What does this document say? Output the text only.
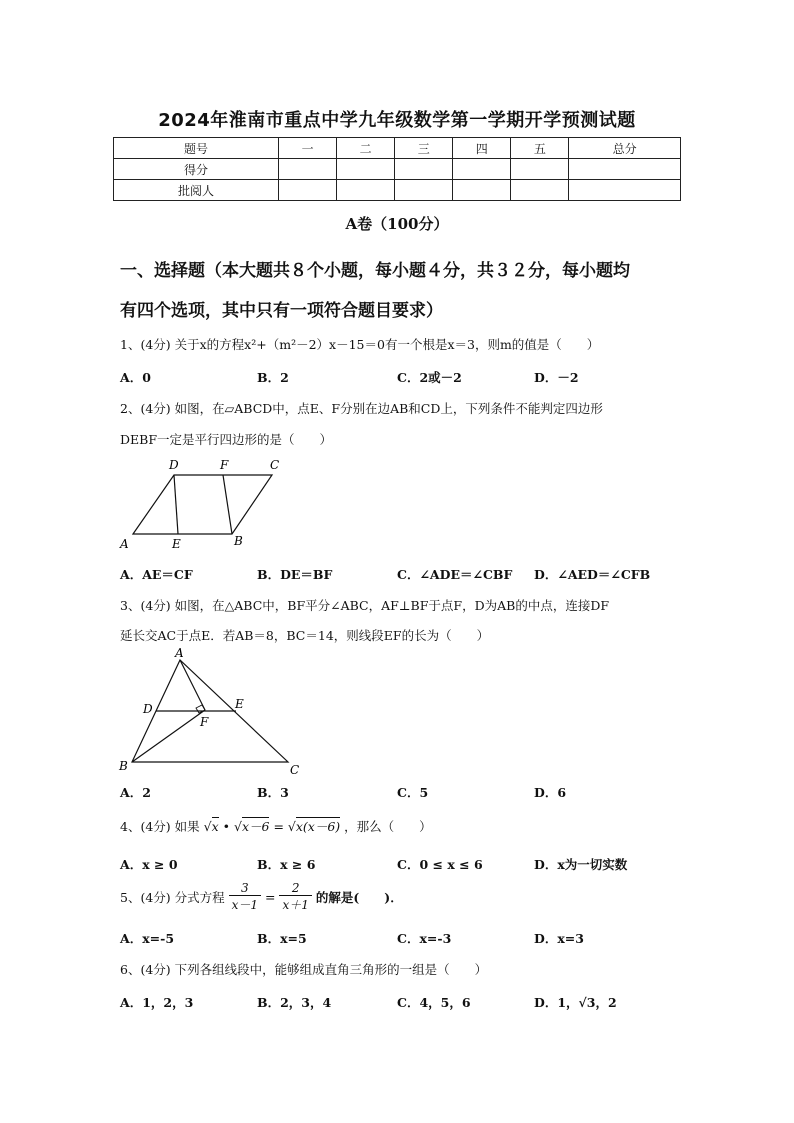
2024年淮南市重点中学九年级数学第一学期开学预测试题
题号	一	二	三	四	五	总分
得分						
批阅人						
A卷（100分）
一、选择题（本大题共８个小题，每小题４分，共３２分，每小题均
有四个选项，其中只有一项符合题目要求）
1、(4分) 关于x的方程x²+（m²－2）x－15＝0有一个根是x＝3，则m的值是（　　）
A．0	B．2	C．2或－2	D．－2
2、(4分) 如图，在▱ABCD中，点E、F分别在边AB和CD上，下列条件不能判定四边形
DEBF一定是平行四边形的是（　　）
D	F	C
A	E	B
A．AE＝CF	B．DE＝BF	C．∠ADE＝∠CBF D．∠AED＝∠CFB
3、(4分) 如图，在△ABC中，BF平分∠ABC，AF⊥BF于点F，D为AB的中点，连接DF
延长交AC于点E．若AB＝8，BC＝14，则线段EF的长为（　　）
A
D	E
F
B	C
A．2	B．3	C．5	D．6
4、(4分) 如果 √x • √x－6 = √x(x－6) ，那么（　　）
A．x ≥ 0	B．x ≥ 6	C．0 ≤ x ≤ 6	D．x为一切实数
5、(4分) 分式方程 $\frac{3}{x-1} = \frac{2}{x+1}$ 的解是(　　)．
A．x=-5	B．x=5	C．x=-3	D．x=3
6、(4分) 下列各组线段中，能够组成直角三角形的一组是（　　）
A．1，2，3	B．2，3，4	C．4，5，6	D．1，√3，2
